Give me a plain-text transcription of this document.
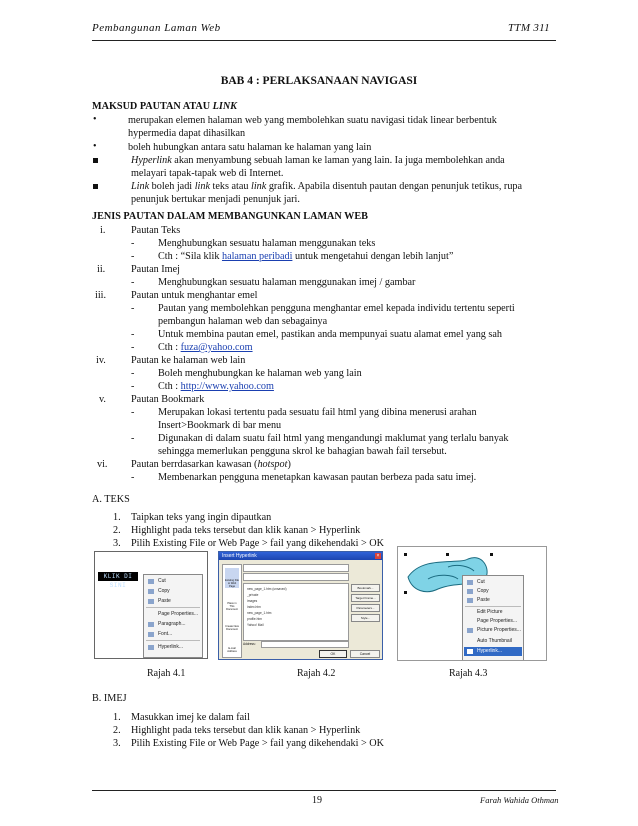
Pembangunan Laman Web	TTM 311
BAB 4 : PERLAKSANAAN NAVIGASI
MAKSUD PAUTAN ATAU LINK
•	merupakan elemen halaman web yang membolehkan suatu navigasi tidak linear berbentuk
hypermedia dapat dihasilkan
•	boleh hubungkan antara satu halaman ke halaman yang lain
Hyperlink akan menyambung sebuah laman ke laman yang lain. Ia juga membolehkan anda
melayari tapak-tapak web di Internet.
Link boleh jadi link teks atau link grafik. Apabila disentuh pautan dengan penunjuk tetikus, rupa
penunjuk bertukar menjadi penunjuk jari.
JENIS PAUTAN DALAM MEMBANGUNKAN LAMAN WEB
i.	Pautan Teks
- Menghubungkan sesuatu halaman menggunakan teks
- Cth : “Sila klik halaman peribadi untuk mengetahui dengan lebih lanjut”
ii.	Pautan Imej
- Menghubungkan sesuatu halaman menggunakan imej / gambar
iii. Pautan untuk menghantar emel
- Pautan yang membolehkan pengguna menghantar emel kepada individu tertentu seperti
pembangun halaman web dan sebagainya
- Untuk membina pautan emel, pastikan anda mempunyai suatu alamat emel yang sah
- Cth : fuza@yahoo.com
iv. Pautan ke halaman web lain
- Boleh menghubungkan ke halaman web yang lain
- Cth : http://www.yahoo.com
v. Pautan Bookmark
- Merupakan lokasi tertentu pada sesuatu fail html yang dibina menerusi arahan
Insert>Bookmark di bar menu
- Digunakan di dalam suatu fail html yang mengandungi maklumat yang terlalu banyak
sehingga memerlukan pengguna skrol ke bahagian bawah fail tersebut.
vi. Pautan berrdasarkan kawasan (hotspot)
- Membenarkan pengguna menetapkan kawasan pautan berbeza pada satu imej.
A. TEKS
1. Taipkan teks yang ingin dipautkan
2. Highlight pada teks tersebut dan klik kanan > Hyperlink
3. Pilih Existing File or Web Page > fail yang dikehendaki > OK
KLIK DI SINI
Cut
Copy
Paste
Page Properties...
Paragraph...
Font...
Hyperlink...
Insert Hyperlink	×
Existing File or Web Page
Place in This Document
Create New Document
E-mail Address
new_page_1.htm (unsaved)
_private
images
index.htm
new_page_1.htm
profile.htm
Yahoo! Mail
Bookmark...
Target Frame...
Parameters...
Style...
Address:
OK	Cancel
Cut
Copy
Paste
Edit Picture
Page Properties...
Picture Properties...
Auto Thumbnail
Hyperlink...
Rajah 4.1	Rajah 4.2	Rajah 4.3
B. IMEJ
1. Masukkan imej ke dalam fail
2. Highlight pada teks tersebut dan klik kanan > Hyperlink
3. Pilih Existing File or Web Page > fail yang dikehendaki > OK
19	Farah Wahida Othman
